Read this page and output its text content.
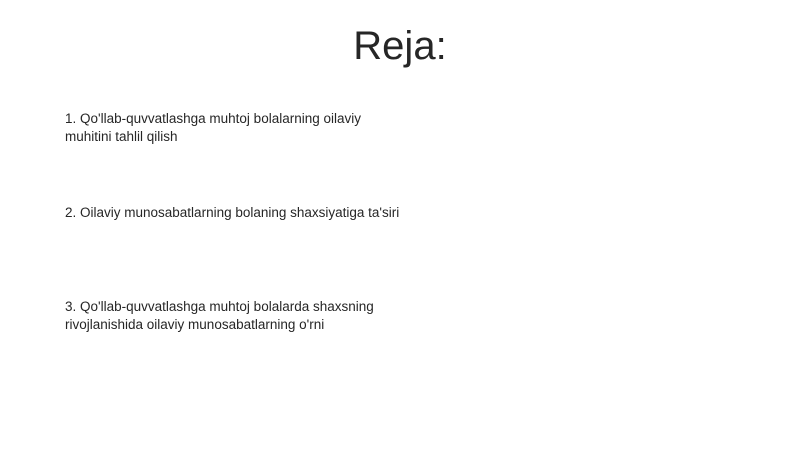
Reja:
1. Qo'llab-quvvatlashga muhtoj bolalarning oilaviy muhitini tahlil qilish
2. Oilaviy munosabatlarning bolaning shaxsiyatiga ta'siri
3. Qo'llab-quvvatlashga muhtoj bolalarda shaxsning rivojlanishida oilaviy munosabatlarning o'rni
